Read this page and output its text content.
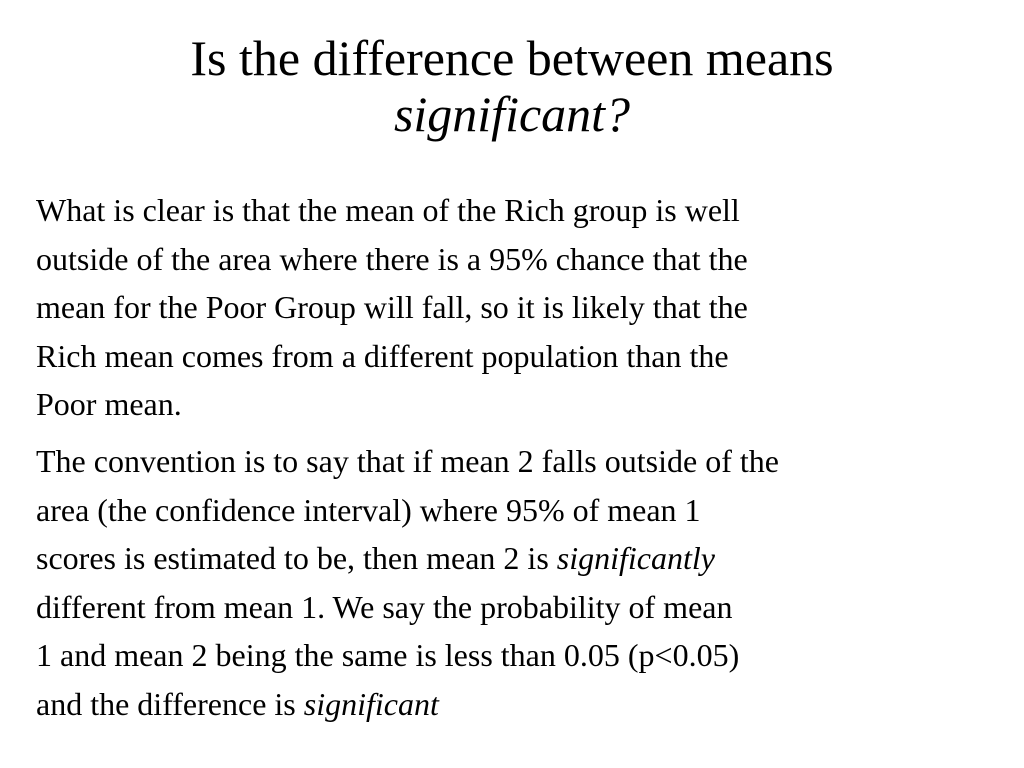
Is the difference between means
significant?

What is clear is that the mean of the Rich group is well
outside of the area where there is a 95% chance that the
mean for the Poor Group will fall, so it is likely that the
Rich mean comes from a different population than the
Poor mean.

The convention is to say that if mean 2 falls outside of the
area (the confidence interval) where 95% of mean 1
scores is estimated to be, then mean 2 is significantly
different from mean 1. We say the probability of mean
1 and mean 2 being the same is less than 0.05 (p<0.05)
and the difference is significant
